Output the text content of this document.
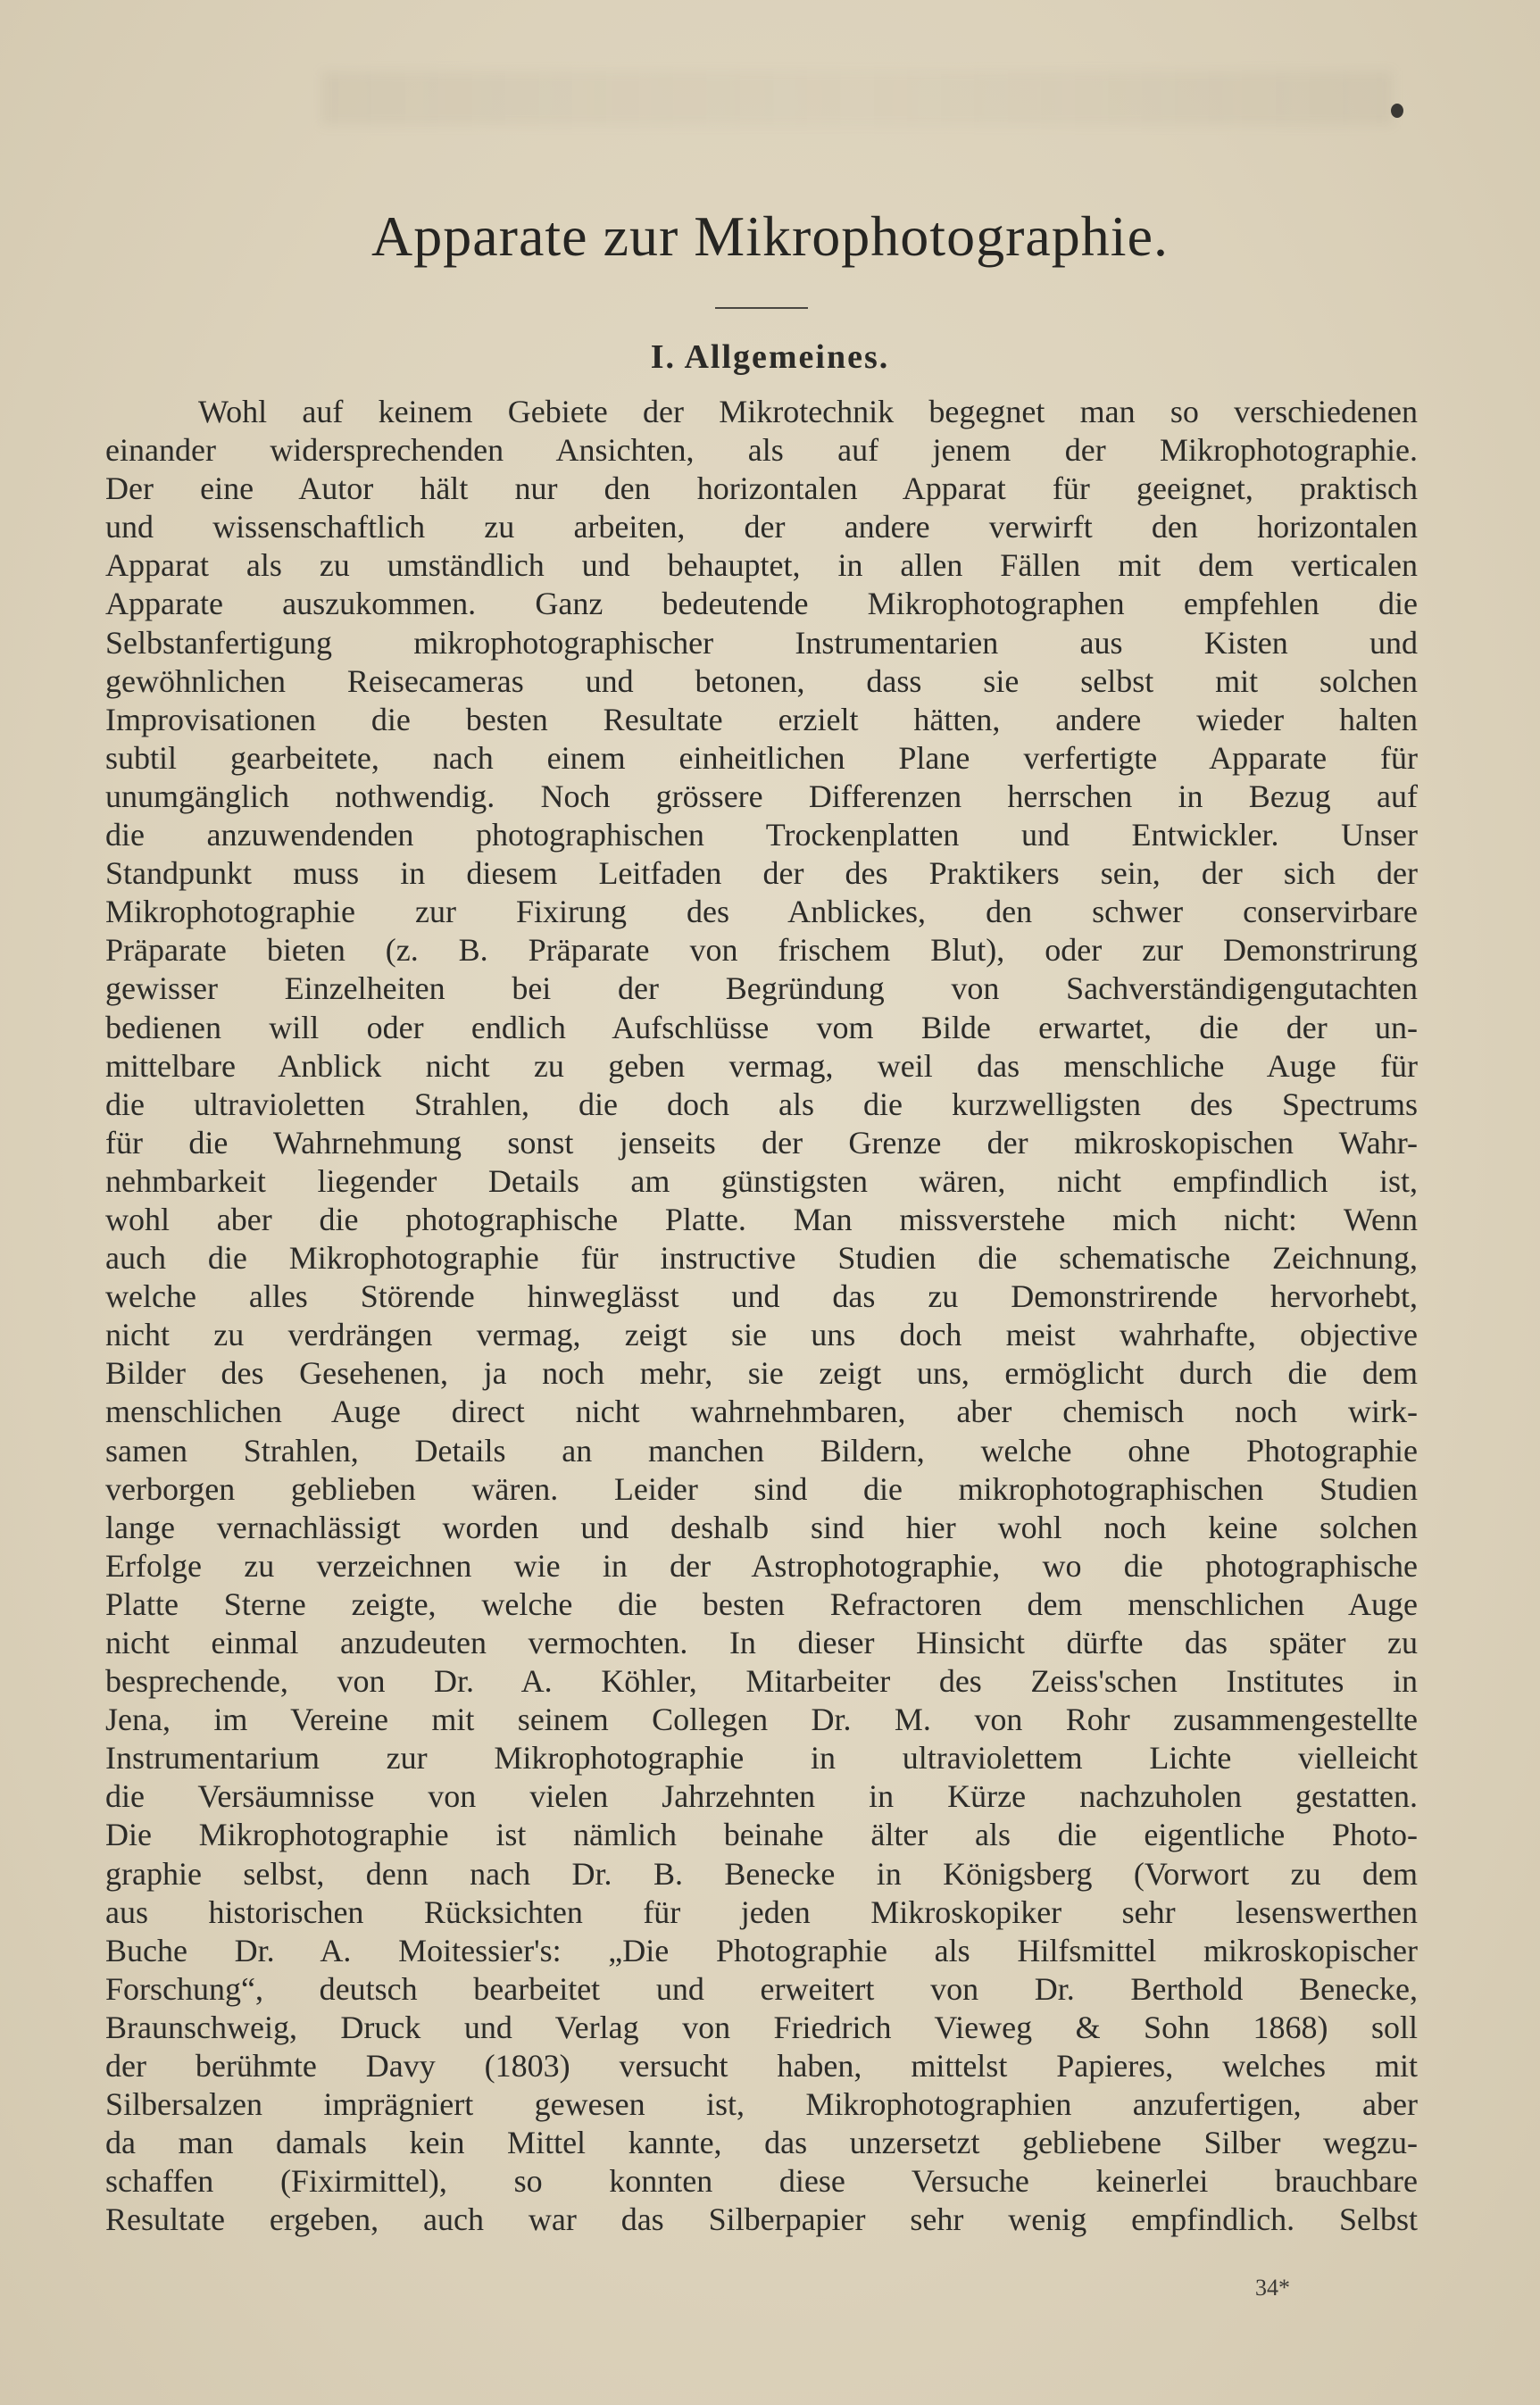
Apparate zur Mikrophotographie.
I. Allgemeines.
Wohl auf keinem Gebiete der Mikrotechnik begegnet man so verschiedenen
einander widersprechenden Ansichten, als auf jenem der Mikrophotographie.
Der eine Autor hält nur den horizontalen Apparat für geeignet, praktisch
und wissenschaftlich zu arbeiten, der andere verwirft den horizontalen
Apparat als zu umständlich und behauptet, in allen Fällen mit dem verticalen
Apparate auszukommen. Ganz bedeutende Mikrophotographen empfehlen die
Selbstanfertigung mikrophotographischer Instrumentarien aus Kisten und
gewöhnlichen Reisecameras und betonen, dass sie selbst mit solchen
Improvisationen die besten Resultate erzielt hätten, andere wieder halten
subtil gearbeitete, nach einem einheitlichen Plane verfertigte Apparate für
unumgänglich nothwendig. Noch grössere Differenzen herrschen in Bezug auf
die anzuwendenden photographischen Trockenplatten und Entwickler. Unser
Standpunkt muss in diesem Leitfaden der des Praktikers sein, der sich der
Mikrophotographie zur Fixirung des Anblickes, den schwer conservirbare
Präparate bieten (z. B. Präparate von frischem Blut), oder zur Demonstrirung
gewisser Einzelheiten bei der Begründung von Sachverständigengutachten
bedienen will oder endlich Aufschlüsse vom Bilde erwartet, die der un-
mittelbare Anblick nicht zu geben vermag, weil das menschliche Auge für
die ultravioletten Strahlen, die doch als die kurzwelligsten des Spectrums
für die Wahrnehmung sonst jenseits der Grenze der mikroskopischen Wahr-
nehmbarkeit liegender Details am günstigsten wären, nicht empfindlich ist,
wohl aber die photographische Platte. Man missverstehe mich nicht: Wenn
auch die Mikrophotographie für instructive Studien die schematische Zeichnung,
welche alles Störende hinweglässt und das zu Demonstrirende hervorhebt,
nicht zu verdrängen vermag, zeigt sie uns doch meist wahrhafte, objective
Bilder des Gesehenen, ja noch mehr, sie zeigt uns, ermöglicht durch die dem
menschlichen Auge direct nicht wahrnehmbaren, aber chemisch noch wirk-
samen Strahlen, Details an manchen Bildern, welche ohne Photographie
verborgen geblieben wären. Leider sind die mikrophotographischen Studien
lange vernachlässigt worden und deshalb sind hier wohl noch keine solchen
Erfolge zu verzeichnen wie in der Astrophotographie, wo die photographische
Platte Sterne zeigte, welche die besten Refractoren dem menschlichen Auge
nicht einmal anzudeuten vermochten. In dieser Hinsicht dürfte das später zu
besprechende, von Dr. A. Köhler, Mitarbeiter des Zeiss'schen Institutes in
Jena, im Vereine mit seinem Collegen Dr. M. von Rohr zusammengestellte
Instrumentarium zur Mikrophotographie in ultraviolettem Lichte vielleicht
die Versäumnisse von vielen Jahrzehnten in Kürze nachzuholen gestatten.
Die Mikrophotographie ist nämlich beinahe älter als die eigentliche Photo-
graphie selbst, denn nach Dr. B. Benecke in Königsberg (Vorwort zu dem
aus historischen Rücksichten für jeden Mikroskopiker sehr lesenswerthen
Buche Dr. A. Moitessier's: „Die Photographie als Hilfsmittel mikroskopischer
Forschung“, deutsch bearbeitet und erweitert von Dr. Berthold Benecke,
Braunschweig, Druck und Verlag von Friedrich Vieweg & Sohn 1868) soll
der berühmte Davy (1803) versucht haben, mittelst Papieres, welches mit
Silbersalzen imprägniert gewesen ist, Mikrophotographien anzufertigen, aber
da man damals kein Mittel kannte, das unzersetzt gebliebene Silber wegzu-
schaffen (Fixirmittel), so konnten diese Versuche keinerlei brauchbare
Resultate ergeben, auch war das Silberpapier sehr wenig empfindlich. Selbst
34*
